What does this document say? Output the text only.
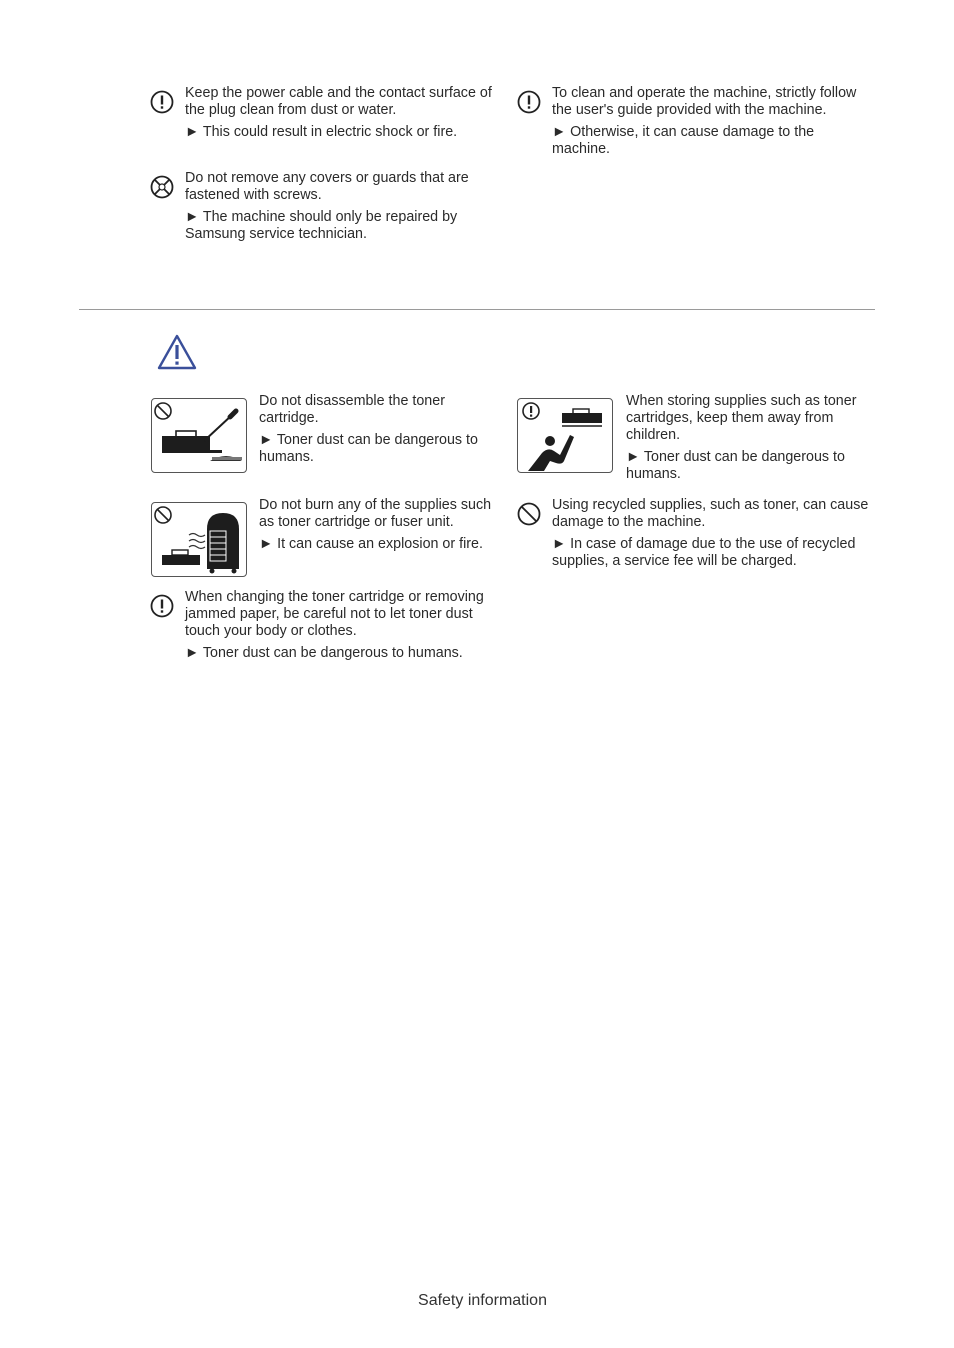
Keep the power cable and the contact surface of the plug clean from dust or water.

► This could result in electric shock or fire.

Do not remove any covers or guards that are fastened with screws.

► The machine should only be repaired by Samsung service technician.

To clean and operate the machine, strictly follow the user's guide provided with the machine.

► Otherwise, it can cause damage to the machine.

Do not disassemble the toner cartridge.

► Toner dust can be dangerous to humans.

Do not burn any of the supplies such as toner cartridge or fuser unit.

► It can cause an explosion or fire.

When changing the toner cartridge or removing jammed paper, be careful not to let toner dust touch your body or clothes.

► Toner dust can be dangerous to humans.

When storing supplies such as toner cartridges, keep them away from children.

► Toner dust can be dangerous to humans.

Using recycled supplies, such as toner, can cause damage to the machine.

► In case of damage due to the use of recycled supplies, a service fee will be charged.

Safety information
